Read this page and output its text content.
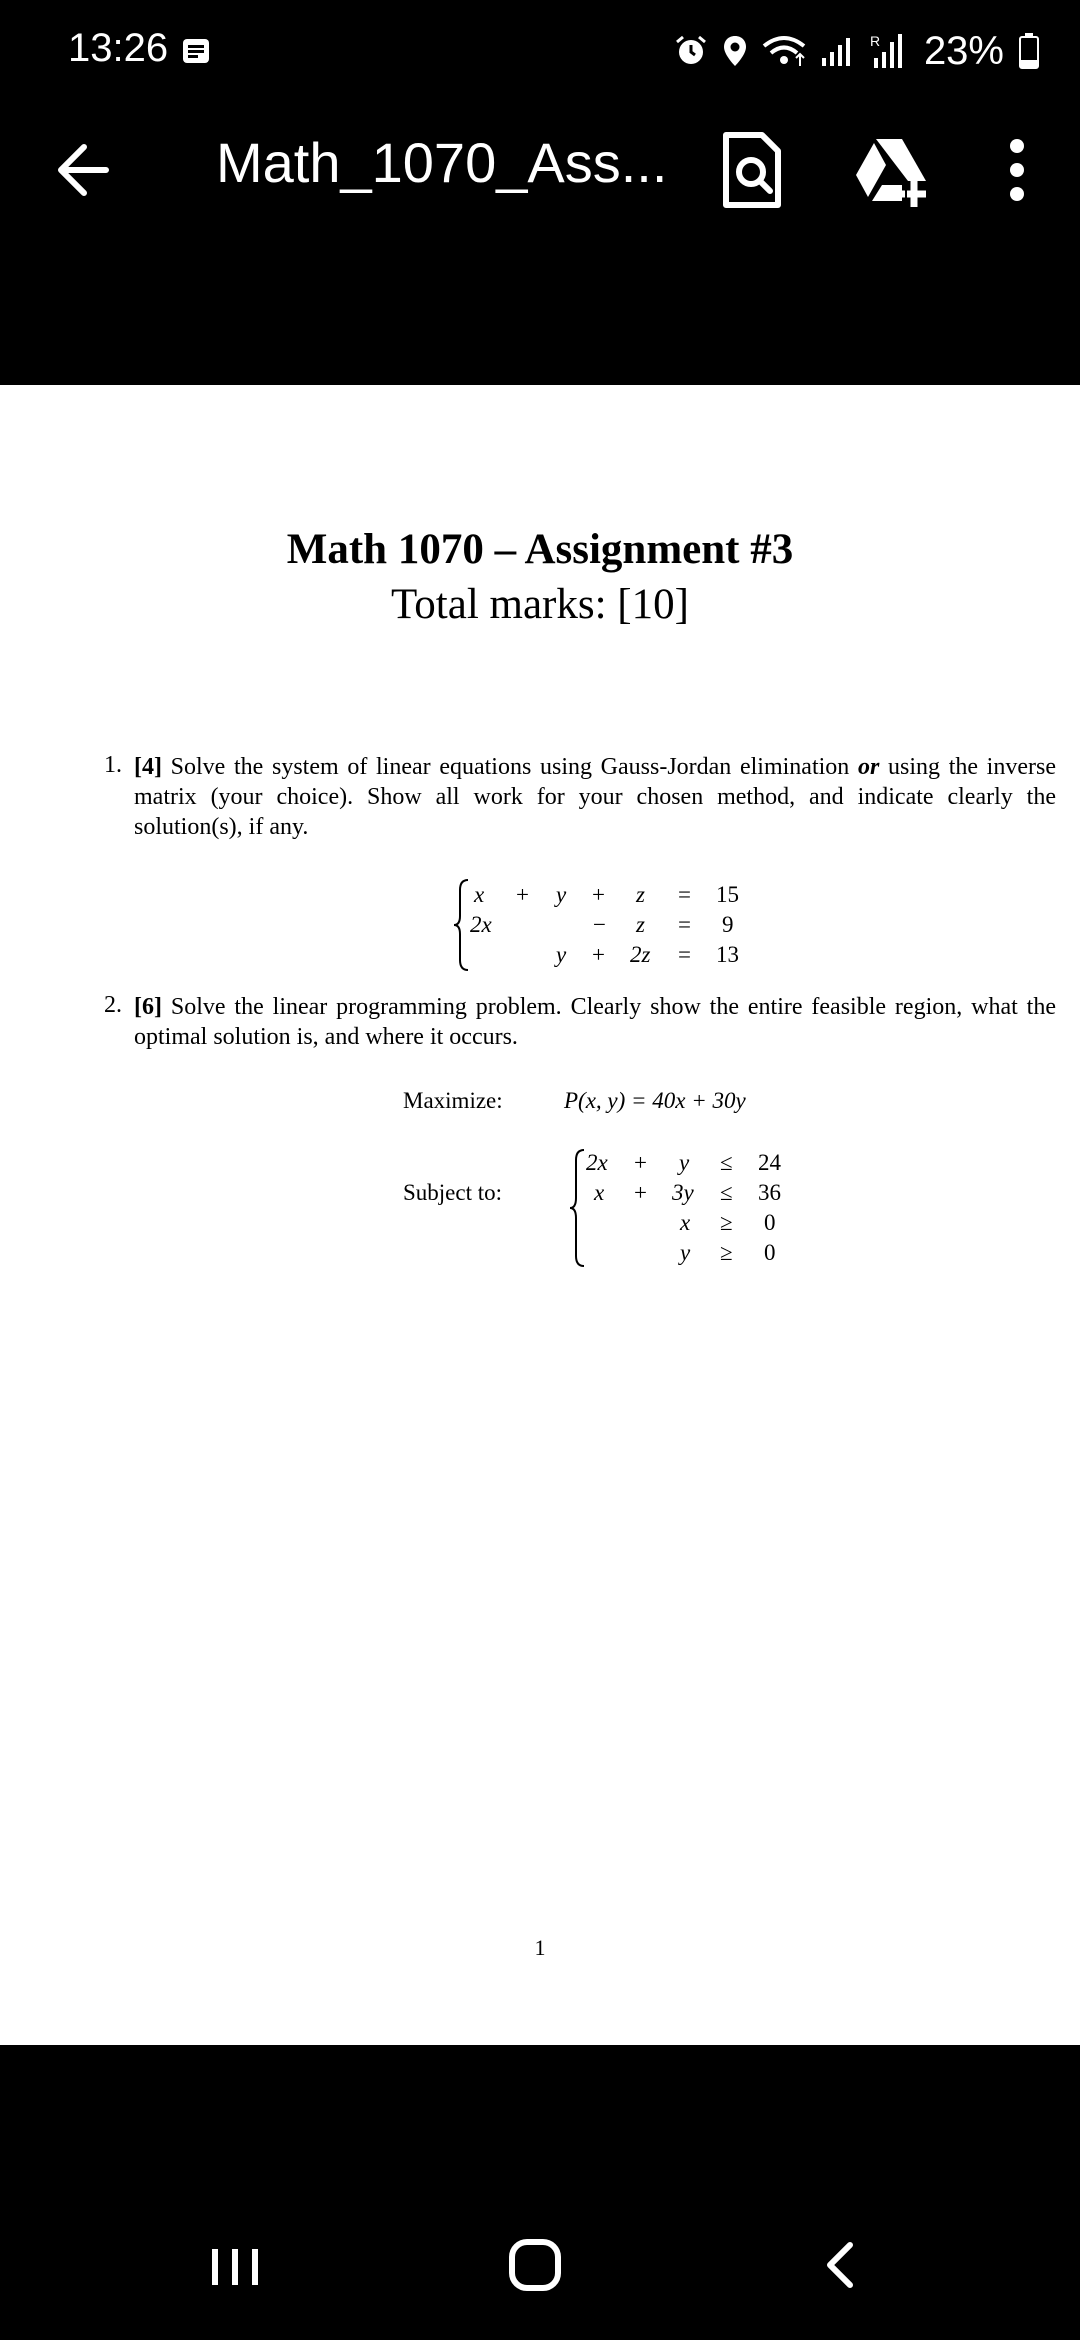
13:26	R 23%
Math_1070_Ass...
Math 1070 – Assignment #3
Total marks: [10]
1. [4] Solve the system of linear equations using Gauss-Jordan elimination or using the inverse matrix (your choice). Show all work for your chosen method, and indicate clearly the solution(s), if any.
x + y + z = 15
2x	− z = 9
y + 2z = 13
2. [6] Solve the linear programming problem. Clearly show the entire feasible region, what the optimal solution is, and where it occurs.
Maximize:	P(x, y) = 40x + 30y
Subject to:
2x + y ≤ 24
x + 3y ≤ 36
x ≥ 0
y ≥ 0
1
